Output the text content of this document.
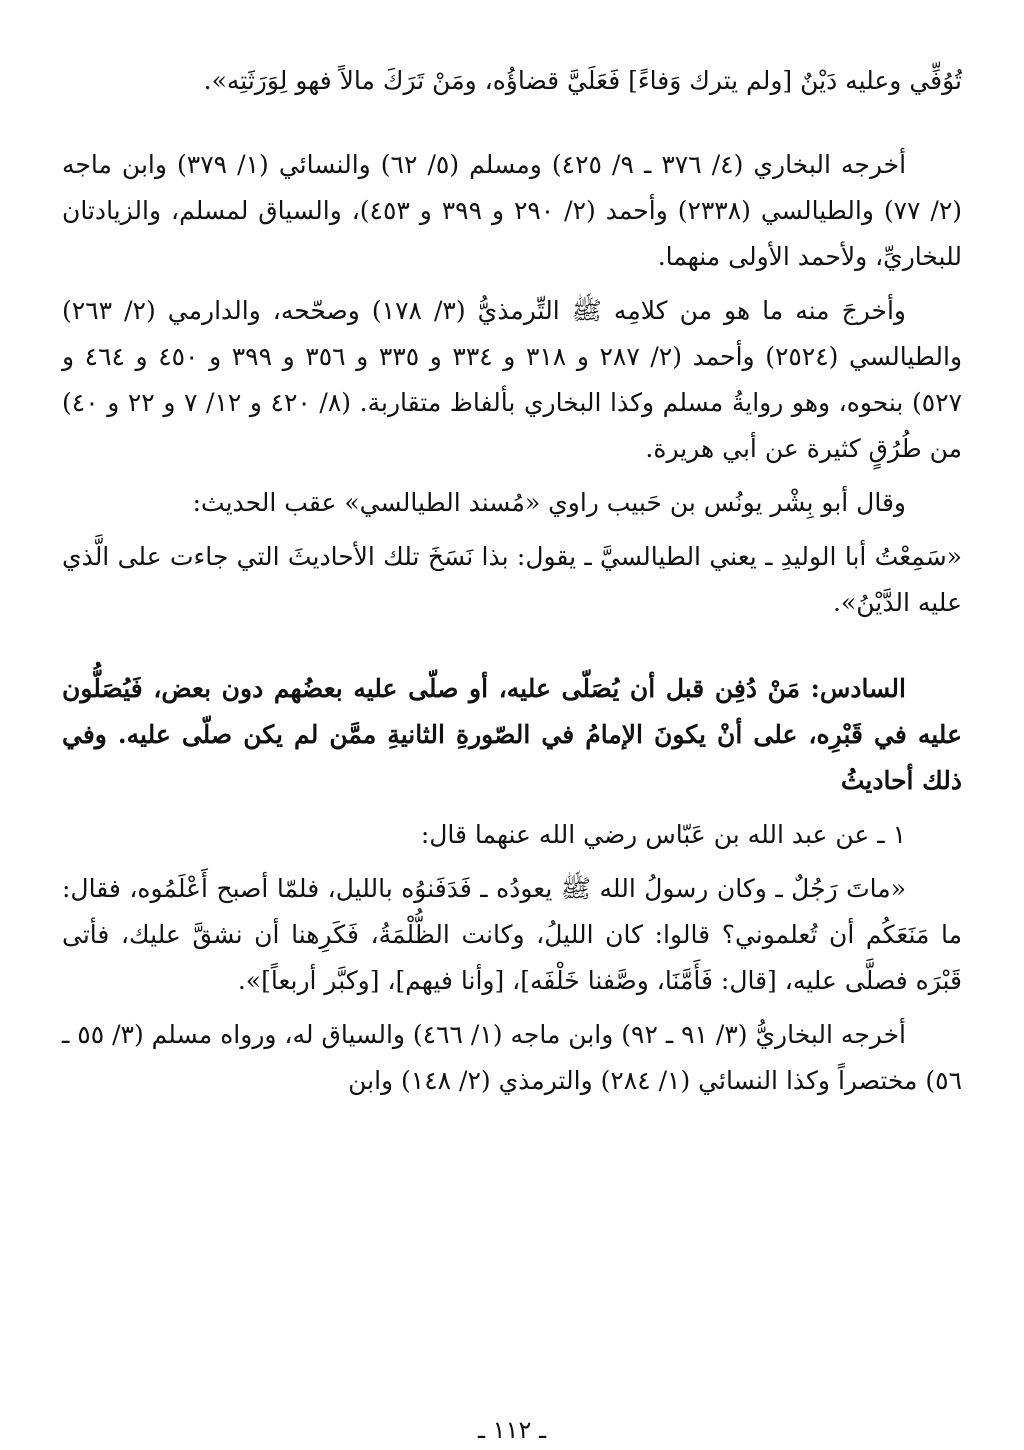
تُوُفِّي وعليه دَيْنٌ [ولم يترك وَفاءً] فَعَلَيَّ قضاؤُه، ومَنْ تَرَكَ مالاً فهو لِوَرَثَتِه».

أخرجه البخاري (٤/ ٣٧٦ ـ ٩/ ٤٢٥) ومسلم (٥/ ٦٢) والنسائي (١/ ٣٧٩) وابن ماجه (٢/ ٧٧) والطيالسي (٢٣٣٨) وأحمد (٢/ ٢٩٠ و ٣٩٩ و ٤٥٣)، والسياق لمسلم، والزيادتان للبخاريِّ، ولأحمد الأولى منهما.

وأخرجَ منه ما هو من كلامِه ﷺ التِّرمذيُّ (٣/ ١٧٨) وصحّحه، والدارمي (٢/ ٢٦٣) والطيالسي (٢٥٢٤) وأحمد (٢/ ٢٨٧ و ٣١٨ و ٣٣٤ و ٣٣٥ و ٣٥٦ و ٣٩٩ و ٤٥٠ و ٤٦٤ و ٥٢٧) بنحوه، وهو روايةُ مسلم وكذا البخاري بألفاظ متقاربة. (٨/ ٤٢٠ و ١٢/ ٧ و ٢٢ و ٤٠) من طُرُقٍ كثيرة عن أبي هريرة.

وقال أبو بِشْر يونُس بن حَبيب راوي «مُسند الطيالسي» عقب الحديث:

«سَمِعْتُ أبا الوليدِ ـ يعني الطيالسيَّ ـ يقول: بذا نَسَخَ تلك الأحاديثَ التي جاءت على الَّذي عليه الدَّيْنُ».

السادس: مَنْ دُفِن قبل أن يُصَلّى عليه، أو صلّى عليه بعضُهم دون بعض، فَيُصَلُّون عليه في قَبْرِه، على أنْ يكونَ الإمامُ في الصّورةِ الثانيةِ ممَّن لم يكن صلّى عليه. وفي ذلك أحاديثُ

١ ـ عن عبد الله بن عَبّاس رضي الله عنهما قال:

«ماتَ رَجُلٌ ـ وكان رسولُ الله ﷺ يعودُه ـ فَدَفَنوُه بالليل، فلمّا أصبح أَعْلَمُوه، فقال: ما مَنَعَكُم أن تُعلموني؟ قالوا: كان الليلُ، وكانت الظُّلْمَةُ، فَكَرِهنا أن نشقَّ عليك، فأتى قَبْرَه فصلَّى عليه، [قال: فَأَمَّنَا، وصَّفنا خَلْفَه]، [وأنا فيهم]، [وكبَّر أربعاً]».

أخرجه البخاريُّ (٣/ ٩١ ـ ٩٢) وابن ماجه (١/ ٤٦٦) والسياق له، ورواه مسلم (٣/ ٥٥ ـ ٥٦) مختصراً وكذا النسائي (١/ ٢٨٤) والترمذي (٢/ ١٤٨) وابن

ـ ١١٢ ـ
